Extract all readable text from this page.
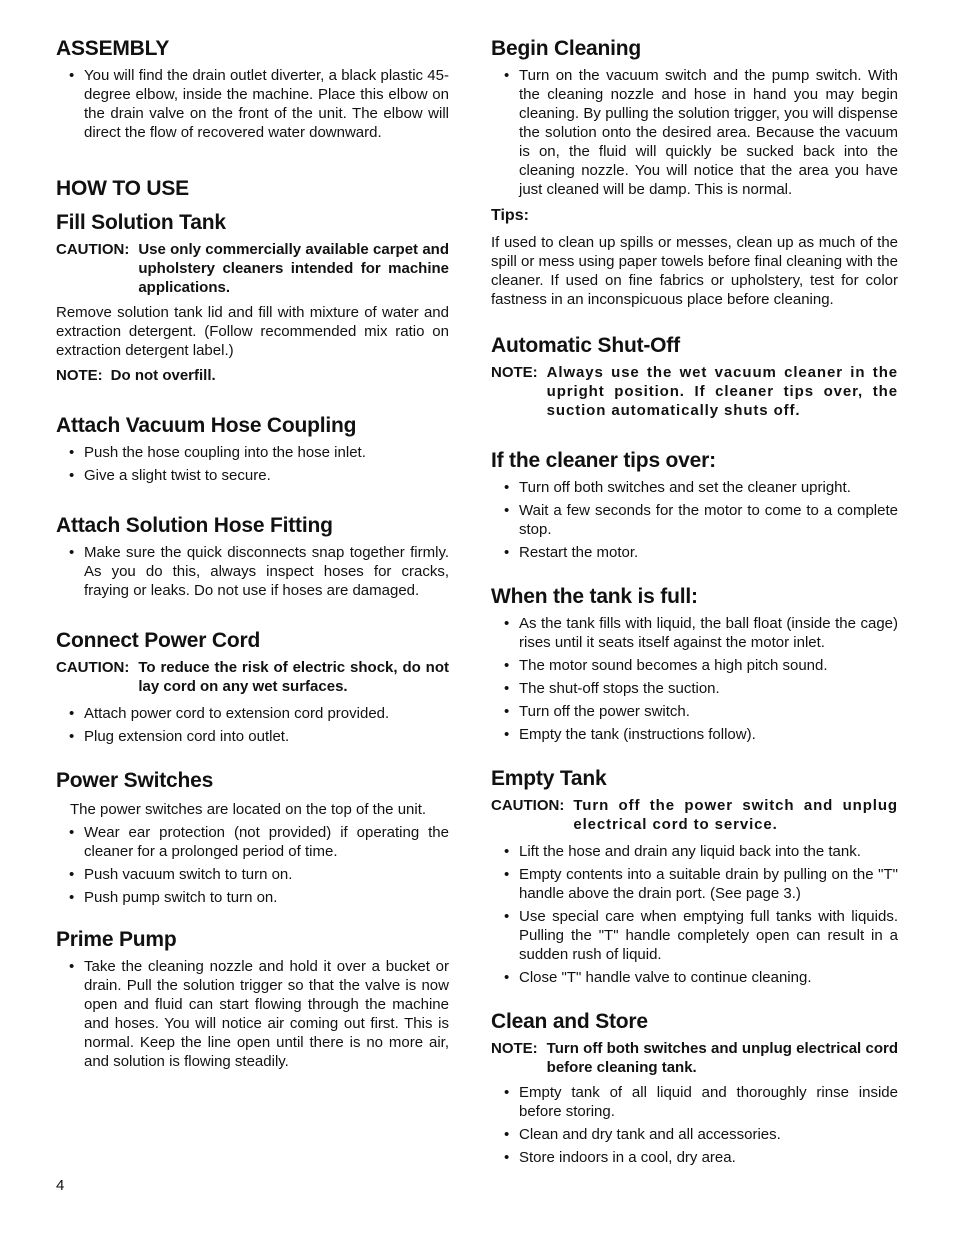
ASSEMBLY
• You will find the drain outlet diverter, a black plastic 45-degree elbow, inside the machine. Place this elbow on the drain valve on the front of the unit. The elbow will direct the flow of recovered water downward.
HOW TO USE
Fill Solution Tank
CAUTION: Use only commercially available carpet and upholstery cleaners intended for machine applications.

Remove solution tank lid and fill with mixture of water and extraction detergent. (Follow recommended mix ratio on extraction detergent label.)

NOTE: Do not overfill.
Attach Vacuum Hose Coupling
• Push the hose coupling into the hose inlet.
• Give a slight twist to secure.
Attach Solution Hose Fitting
• Make sure the quick disconnects snap together firmly. As you do this, always inspect hoses for cracks, fraying or leaks. Do not use if hoses are damaged.
Connect Power Cord
CAUTION: To reduce the risk of electric shock, do not lay cord on any wet surfaces.
• Attach power cord to extension cord provided.
• Plug extension cord into outlet.
Power Switches

The power switches are located on the top of the unit.

• Wear ear protection (not provided) if operating the cleaner for a prolonged period of time.
• Push vacuum switch to turn on.
• Push pump switch to turn on.
Prime Pump
• Take the cleaning nozzle and hold it over a bucket or drain. Pull the solution trigger so that the valve is now open and fluid can start flowing through the machine and hoses. You will notice air coming out first. This is normal. Keep the line open until there is no more air, and solution is flowing steadily.
Begin Cleaning
• Turn on the vacuum switch and the pump switch. With the cleaning nozzle and hose in hand you may begin cleaning. By pulling the solution trigger, you will dispense the solution onto the desired area. Because the vacuum is on, the fluid will quickly be sucked back into the cleaning nozzle. You will notice that the area you have just cleaned will be damp. This is normal.
Tips:

If used to clean up spills or messes, clean up as much of the spill or mess using paper towels before final cleaning with the cleaner. If used on fine fabrics or upholstery, test for color fastness in an inconspicuous place before cleaning.

Automatic Shut-Off
NOTE: Always use the wet vacuum cleaner in the upright position. If cleaner tips over, the suction automatically shuts off.
If the cleaner tips over:
• Turn off both switches and set the cleaner upright.
• Wait a few seconds for the motor to come to a complete stop.
• Restart the motor.
When the tank is full:
• As the tank fills with liquid, the ball float (inside the cage) rises until it seats itself against the motor inlet.
• The motor sound becomes a high pitch sound.
• The shut-off stops the suction.
• Turn off the power switch.
• Empty the tank (instructions follow).
Empty Tank
CAUTION: Turn off the power switch and unplug electrical cord to service.
• Lift the hose and drain any liquid back into the tank.
• Empty contents into a suitable drain by pulling on the "T" handle above the drain port. (See page 3.)
• Use special care when emptying full tanks with liquids. Pulling the "T" handle completely open can result in a sudden rush of liquid.
• Close "T" handle valve to continue cleaning.
Clean and Store
NOTE: Turn off both switches and unplug electrical cord before cleaning tank.
• Empty tank of all liquid and thoroughly rinse inside before storing.
• Clean and dry tank and all accessories.
• Store indoors in a cool, dry area.
4
